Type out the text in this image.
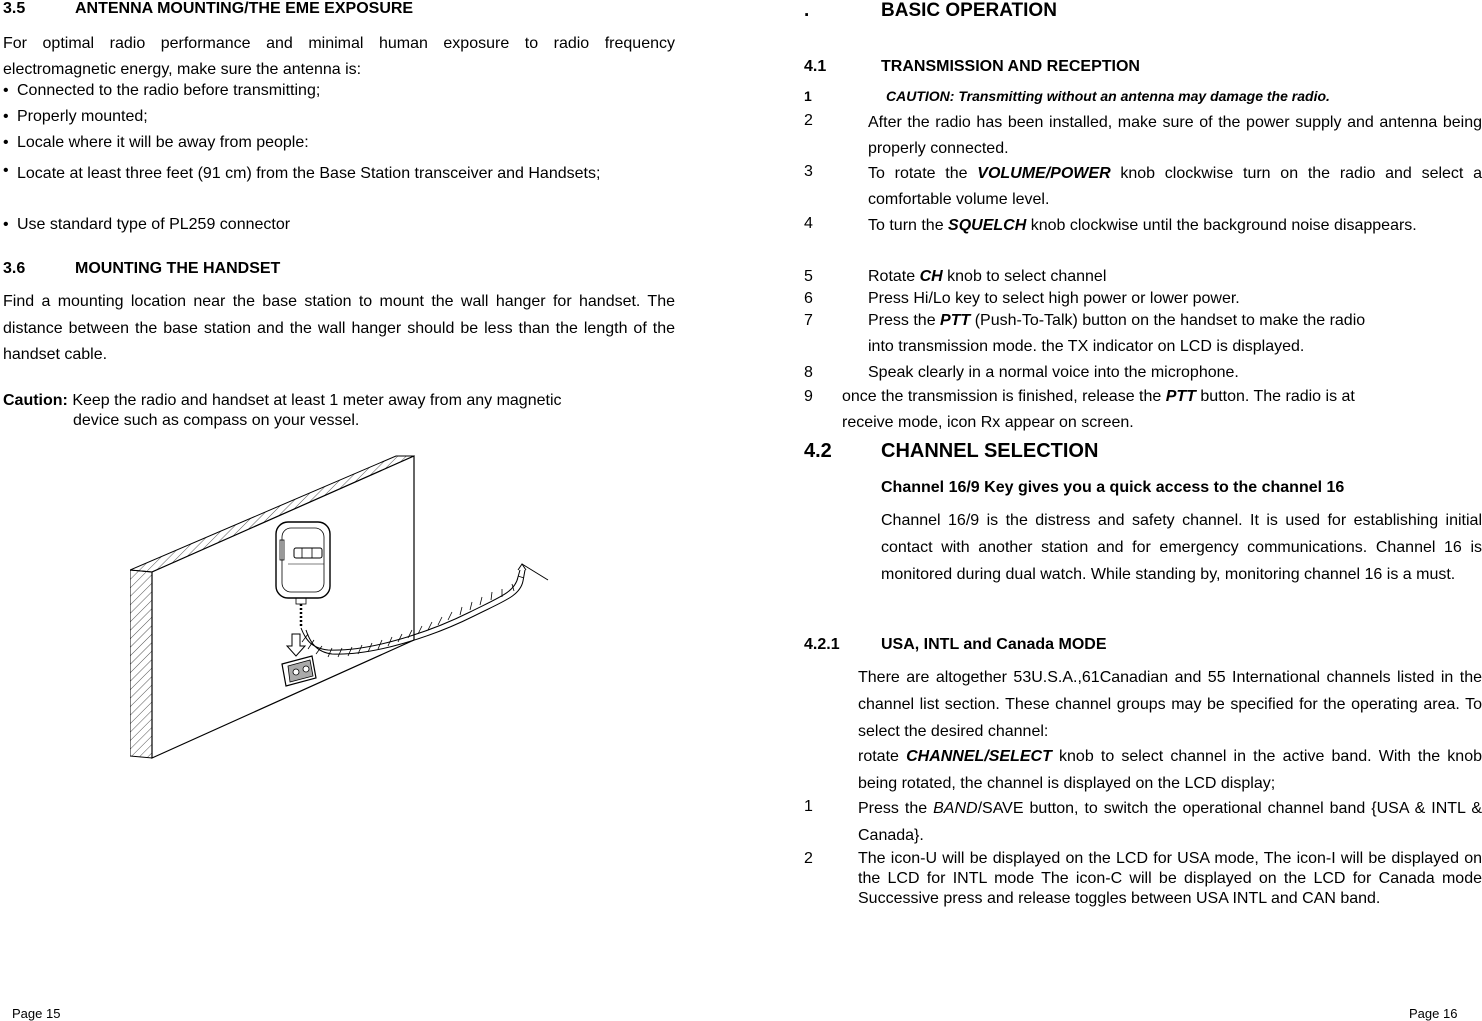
3.5	ANTENNA MOUNTING/THE EME EXPOSURE

For optimal radio performance and minimal human exposure to radio frequency electromagnetic energy, make sure the antenna is:

• Connected to the radio before transmitting;
• Properly mounted;
• Locale where it will be away from people:
• Locate at least three feet (91 cm) from the Base Station transceiver and Handsets;
• Use standard type of PL259 connector
3.6	MOUNTING THE HANDSET

Find a mounting location near the base station to mount the wall hanger for handset. The distance between the base station and the wall hanger should be less than the length of the handset cable.

Caution: Keep the radio and handset at least 1 meter away from any magnetic
device such as compass on your vessel.
Page 15
.	BASIC OPERATION
4.1	TRANSMISSION AND RECEPTION
1	CAUTION: Transmitting without an antenna may damage the radio.
2	After the radio has been installed, make sure of the power supply and antenna being properly connected.
3	To rotate the VOLUME/POWER knob clockwise turn on the radio and select a comfortable volume level.
4	To turn the SQUELCH knob clockwise until the background noise disappears.
5	Rotate CH knob to select channel
6	Press Hi/Lo key to select high power or lower power.
7	Press the PTT (Push-To-Talk) button on the handset to make the radio
into transmission mode. the TX indicator on LCD is displayed.
8	Speak clearly in a normal voice into the microphone.
9 once the transmission is finished, release the PTT button. The radio is at
receive mode, icon Rx appear on screen.
4.2 CHANNEL SELECTION
Channel 16/9 Key gives you a quick access to the channel 16

Channel 16/9 is the distress and safety channel. It is used for establishing initial contact with another station and for emergency communications. Channel 16 is monitored during dual watch. While standing by, monitoring channel 16 is a must.

4.2.1	USA, INTL and Canada MODE

There are altogether 53U.S.A.,61Canadian and 55 International channels listed in the channel list section. These channel groups may be specified for the operating area. To select the desired channel:

rotate CHANNEL/SELECT knob to select channel in the active band. With the knob being rotated, the channel is displayed on the LCD display;

1	Press the BAND/SAVE button, to switch the operational channel band {USA & INTL & Canada}.
2	The icon-U will be displayed on the LCD for USA mode, The icon-I will be displayed on the LCD for INTL mode The icon-C will be displayed on the LCD for Canada mode Successive press and release toggles between USA INTL and CAN band.
Page 16
